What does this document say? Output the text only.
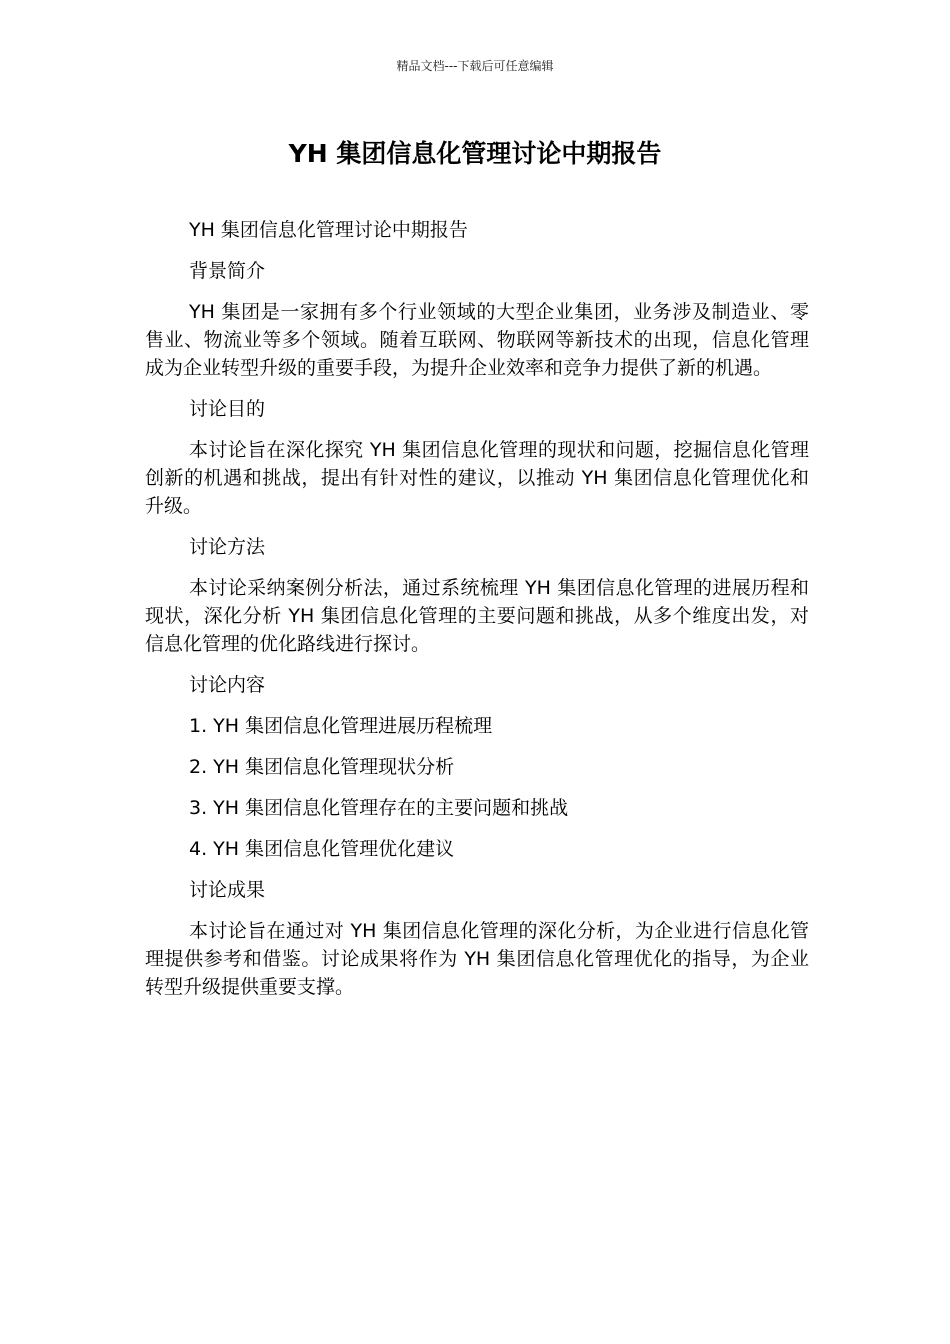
精品文档---下载后可任意编辑
YH 集团信息化管理讨论中期报告

YH 集团信息化管理讨论中期报告

背景简介

YH 集团是一家拥有多个行业领域的大型企业集团，业务涉及制造业、零售业、物流业等多个领域。随着互联网、物联网等新技术的出现，信息化管理成为企业转型升级的重要手段，为提升企业效率和竞争力提供了新的机遇。

讨论目的

本讨论旨在深化探究 YH 集团信息化管理的现状和问题，挖掘信息化管理创新的机遇和挑战，提出有针对性的建议，以推动 YH 集团信息化管理优化和升级。

讨论方法

本讨论采纳案例分析法，通过系统梳理 YH 集团信息化管理的进展历程和现状，深化分析 YH 集团信息化管理的主要问题和挑战，从多个维度出发，对信息化管理的优化路线进行探讨。

讨论内容

1. YH 集团信息化管理进展历程梳理

2. YH 集团信息化管理现状分析

3. YH 集团信息化管理存在的主要问题和挑战

4. YH 集团信息化管理优化建议

讨论成果

本讨论旨在通过对 YH 集团信息化管理的深化分析，为企业进行信息化管理提供参考和借鉴。讨论成果将作为 YH 集团信息化管理优化的指导，为企业转型升级提供重要支撑。
